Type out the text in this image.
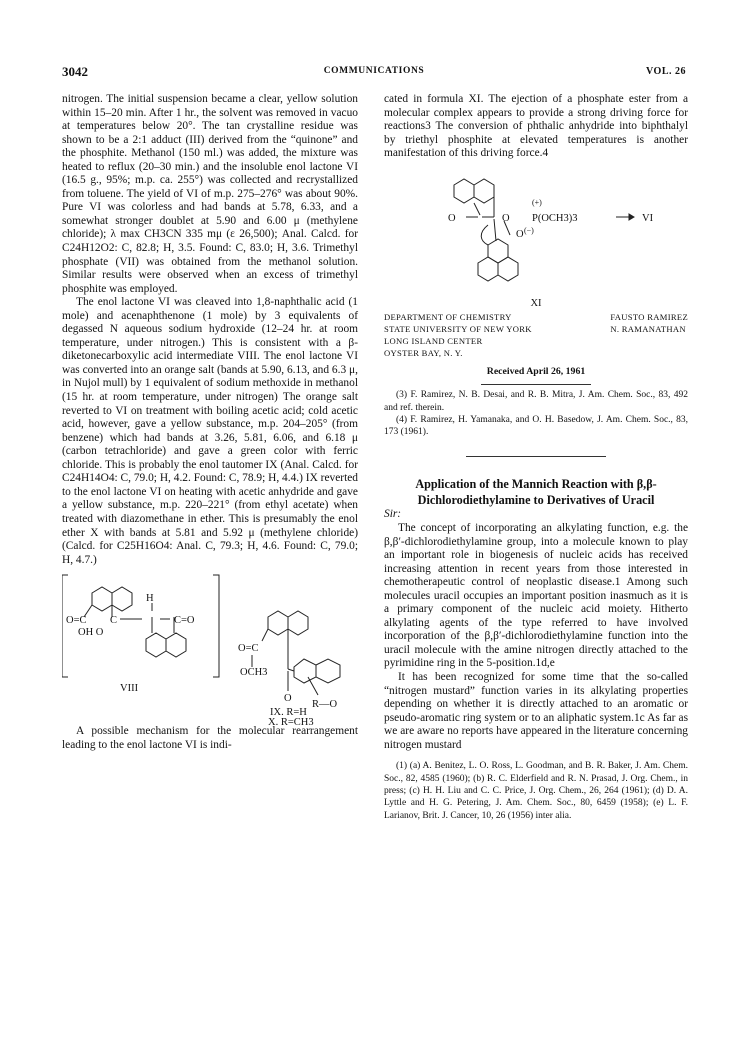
3042	COMMUNICATIONS	VOL. 26

nitrogen. The initial suspension became a clear, yellow solution within 15–20 min. After 1 hr., the solvent was removed in vacuo at temperatures below 20°. The tan crystalline residue was shown to be a 2:1 adduct (III) derived from the “quinone” and the phosphite. Methanol (150 ml.) was added, the mixture was heated to reflux (20–30 min.) and the insoluble enol lactone VI (16.5 g., 95%; m.p. ca. 255°) was collected and recrystallized from toluene. The yield of VI of m.p. 275–276° was about 90%. Pure VI was colorless and had bands at 5.78, 6.33, and a somewhat stronger doublet at 5.90 and 6.00 μ (methylene chloride); λ max CH3CN 335 mμ (ε 26,500); Anal. Calcd. for C24H12O2: C, 82.8; H, 3.5. Found: C, 83.0; H, 3.6. Trimethyl phosphate (VII) was obtained from the methanol solution. Similar results were observed when an excess of trimethyl phosphite was employed.

The enol lactone VI was cleaved into 1,8-naphthalic acid (1 mole) and acenaphthenone (1 mole) by 3 equivalents of degassed N aqueous sodium hydroxide (12–24 hr. at room temperature, under nitrogen.) This is consistent with a β-diketonecarboxylic acid intermediate VIII. The enol lactone VI was converted into an orange salt (bands at 5.90, 6.13, and 6.3 μ, in Nujol mull) by 1 equivalent of sodium methoxide in methanol (15 hr. at room temperature, under nitrogen) The orange salt reverted to VI on treatment with boiling acetic acid; cold acetic acid, however, gave a yellow substance, m.p. 204–205° (from benzene) which had bands at 3.26, 5.81, 6.06, and 6.18 μ (carbon tetrachloride) and gave a green color with ferric chloride. This is probably the enol tautomer IX (Anal. Calcd. for C24H14O4: C, 79.0; H, 4.2. Found: C, 78.9; H, 4.4.) IX reverted to the enol lactone VI on heating with acetic anhydride and gave a yellow substance, m.p. 220–221° (from ethyl acetate) when treated with diazomethane in ether. This is presumably the enol ether X with bands at 5.81 and 5.92 μ (methylene chloride) (Calcd. for C25H16O4: Anal. C, 79.3; H, 4.6. Found: C, 79.0; H, 4.7.)

H
O=C
OH O
C	C=O
VIII
O=C
OCH3
O
R—O
IX. R=H
X. R=CH3

A possible mechanism for the molecular rearrangement leading to the enol lactone VI is indi-

cated in formula XI. The ejection of a phosphate ester from a molecular complex appears to provide a strong driving force for reactions3 The conversion of phthalic anhydride into biphthalyl by triethyl phosphite at elevated temperatures is another manifestation of this driving force.4

O
(+)
O P(OCH3)3
O (−)
VI

XI

DEPARTMENT OF CHEMISTRY
STATE UNIVERSITY OF NEW YORK
LONG ISLAND CENTER
OYSTER BAY, N. Y.
FAUSTO RAMIREZ
N. RAMANATHAN

Received April 26, 1961

(3) F. Ramirez, N. B. Desai, and R. B. Mitra, J. Am. Chem. Soc., 83, 492 and ref. therein.

(4) F. Ramirez, H. Yamanaka, and O. H. Basedow, J. Am. Chem. Soc., 83, 173 (1961).

Application of the Mannich Reaction with β,β-Dichlorodiethylamine to Derivatives of Uracil

Sir:

The concept of incorporating an alkylating function, e.g. the β,β′-dichlorodiethylamine group, into a molecule known to play an important role in biogenesis of nucleic acids has received increasing attention in recent years from those interested in chemotherapeutic control of neoplastic disease.1 Among such molecules uracil occupies an important position inasmuch as it is a primary component of the nucleic acid moiety. Hitherto alkylating agents of the type referred to have involved incorporation of the β,β′-dichlorodiethylamine function into the uracil molecule with the amine nitrogen directly attached to the pyrimidine ring in the 5-position.1d,e

It has been recognized for some time that the so-called “nitrogen mustard” function varies in its alkylating properties depending on whether it is directly attached to an aromatic or pseudo-aromatic ring system or to an aliphatic system.1c As far as we are aware no reports have appeared in the literature concerning nitrogen mustard

(1) (a) A. Benitez, L. O. Ross, L. Goodman, and B. R. Baker, J. Am. Chem. Soc., 82, 4585 (1960); (b) R. C. Elderfield and R. N. Prasad, J. Org. Chem., in press; (c) H. H. Liu and C. C. Price, J. Org. Chem., 26, 264 (1961); (d) D. A. Lyttle and H. G. Petering, J. Am. Chem. Soc., 80, 6459 (1958); (e) L. F. Larianov, Brit. J. Cancer, 10, 26 (1956) inter alia.
